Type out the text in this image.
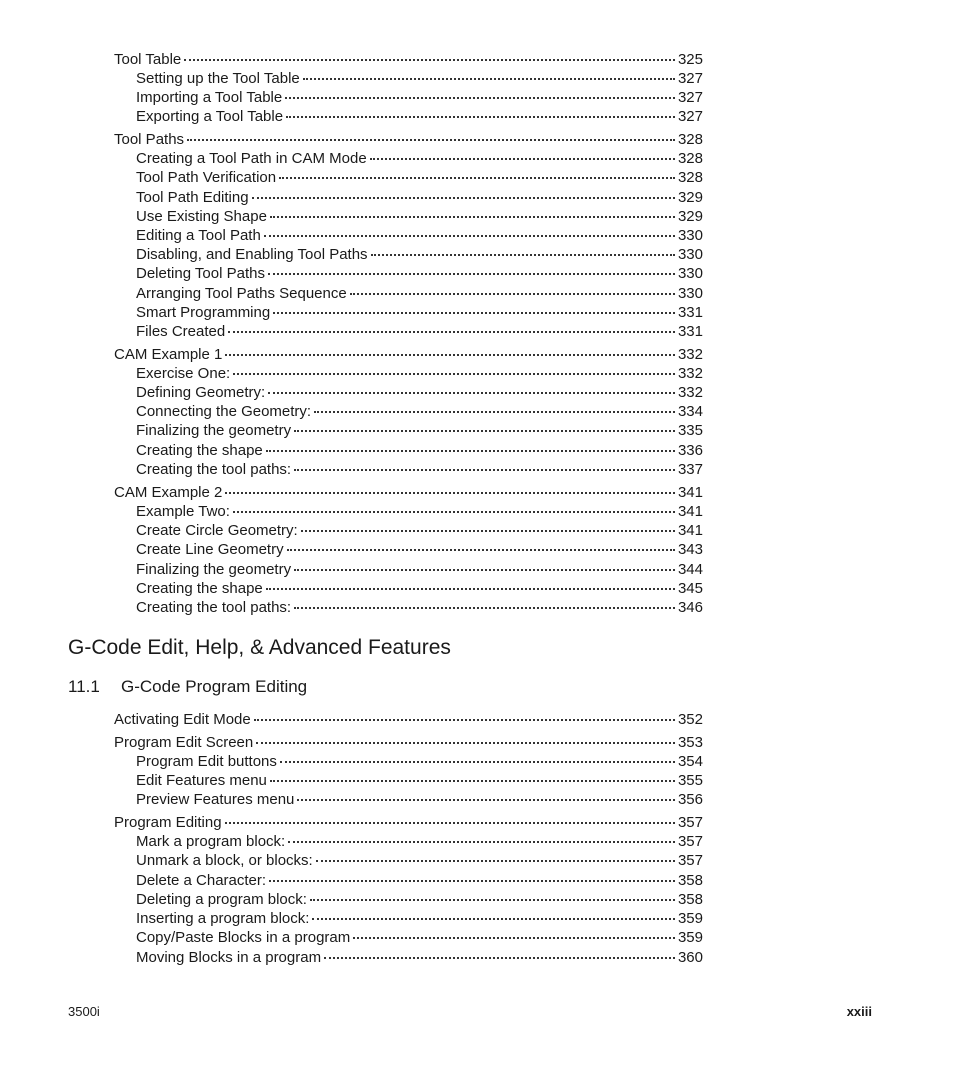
Tool Table	325
Setting up the Tool Table	327
Importing a Tool Table	327
Exporting a Tool Table	327
Tool Paths	328
Creating a Tool Path in CAM Mode	328
Tool Path Verification	328
Tool Path Editing	329
Use Existing Shape	329
Editing a Tool Path	330
Disabling, and Enabling Tool Paths	330
Deleting Tool Paths	330
Arranging Tool Paths Sequence	330
Smart Programming	331
Files Created	331
CAM Example 1	332
Exercise One:	332
Defining Geometry:	332
Connecting the Geometry:	334
Finalizing the geometry	335
Creating the shape	336
Creating the tool paths:	337
CAM Example 2	341
Example Two:	341
Create Circle Geometry:	341
Create Line Geometry	343
Finalizing the geometry	344
Creating the shape	345
Creating the tool paths:	346
G-Code Edit, Help, & Advanced Features
11.1 G-Code Program Editing
Activating Edit Mode	352
Program Edit Screen	353
Program Edit buttons	354
Edit Features menu	355
Preview Features menu	356
Program Editing	357
Mark a program block:	357
Unmark a block, or blocks:	357
Delete a Character:	358
Deleting a program block:	358
Inserting a program block:	359
Copy/Paste Blocks in a program	359
Moving Blocks in a program	360
3500i	xxiii
